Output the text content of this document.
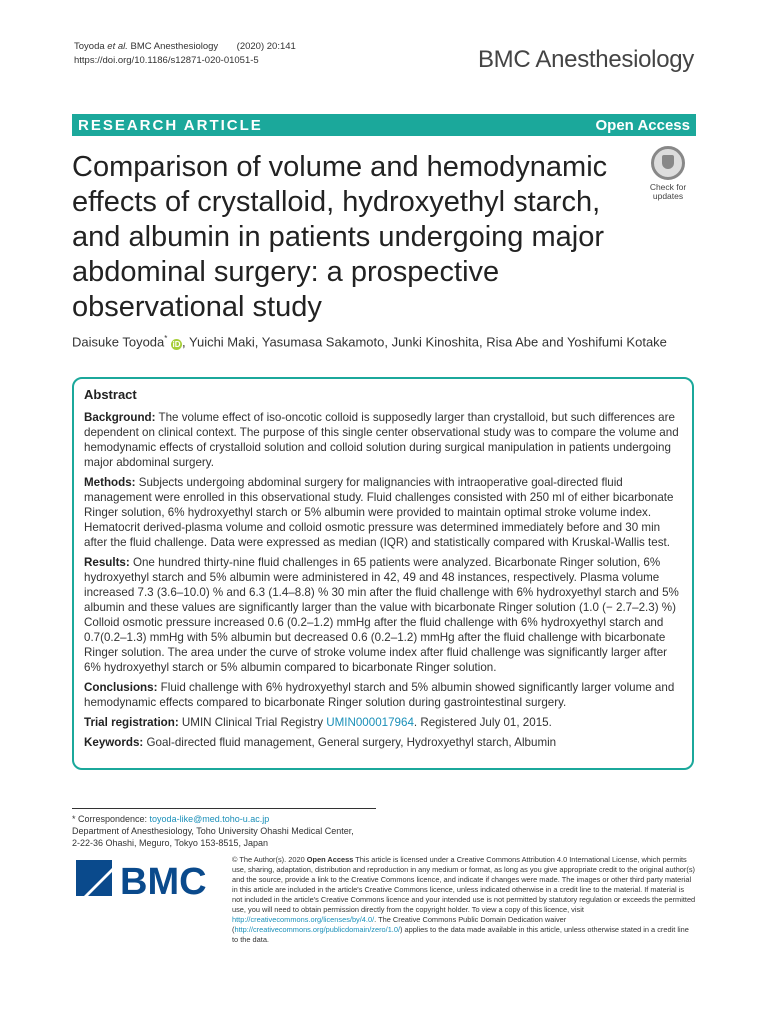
Toyoda et al. BMC Anesthesiology (2020) 20:141
https://doi.org/10.1186/s12871-020-01051-5	BMC Anesthesiology
RESEARCH ARTICLE	Open Access
Comparison of volume and hemodynamic effects of crystalloid, hydroxyethyl starch, and albumin in patients undergoing major abdominal surgery: a prospective observational study
Check for
updates
Daisuke Toyoda* iD , Yuichi Maki, Yasumasa Sakamoto, Junki Kinoshita, Risa Abe and Yoshifumi Kotake
Abstract

Background: The volume effect of iso-oncotic colloid is supposedly larger than crystalloid, but such differences are dependent on clinical context. The purpose of this single center observational study was to compare the volume and hemodynamic effects of crystalloid solution and colloid solution during surgical manipulation in patients undergoing major abdominal surgery.

Methods: Subjects undergoing abdominal surgery for malignancies with intraoperative goal-directed fluid management were enrolled in this observational study. Fluid challenges consisted with 250 ml of either bicarbonate Ringer solution, 6% hydroxyethyl starch or 5% albumin were provided to maintain optimal stroke volume index. Hematocrit derived-plasma volume and colloid osmotic pressure was determined immediately before and 30 min after the fluid challenge. Data were expressed as median (IQR) and statistically compared with Kruskal-Wallis test.

Results: One hundred thirty-nine fluid challenges in 65 patients were analyzed. Bicarbonate Ringer solution, 6% hydroxyethyl starch and 5% albumin were administered in 42, 49 and 48 instances, respectively. Plasma volume increased 7.3 (3.6–10.0) % and 6.3 (1.4–8.8) % 30 min after the fluid challenge with 6% hydroxyethyl starch and 5% albumin and these values are significantly larger than the value with bicarbonate Ringer solution (1.0 (− 2.7–2.3) %) Colloid osmotic pressure increased 0.6 (0.2–1.2) mmHg after the fluid challenge with 6% hydroxyethyl starch and 0.7(0.2–1.3) mmHg with 5% albumin but decreased 0.6 (0.2–1.2) mmHg after the fluid challenge with bicarbonate Ringer solution. The area under the curve of stroke volume index after fluid challenge was significantly larger after 6% hydroxyethyl starch or 5% albumin compared to bicarbonate Ringer solution.

Conclusions: Fluid challenge with 6% hydroxyethyl starch and 5% albumin showed significantly larger volume and hemodynamic effects compared to bicarbonate Ringer solution during gastrointestinal surgery.

Trial registration: UMIN Clinical Trial Registry UMIN000017964. Registered July 01, 2015.

Keywords: Goal-directed fluid management, General surgery, Hydroxyethyl starch, Albumin

* Correspondence: toyoda-like@med.toho-u.ac.jp
Department of Anesthesiology, Toho University Ohashi Medical Center,
2-22-36 Ohashi, Meguro, Tokyo 153-8515, Japan
BMC
© The Author(s). 2020 Open Access This article is licensed under a Creative Commons Attribution 4.0 International License, which permits use, sharing, adaptation, distribution and reproduction in any medium or format, as long as you give appropriate credit to the original author(s) and the source, provide a link to the Creative Commons licence, and indicate if changes were made. The images or other third party material in this article are included in the article's Creative Commons licence, unless indicated otherwise in a credit line to the material. If material is not included in the article's Creative Commons licence and your intended use is not permitted by statutory regulation or exceeds the permitted use, you will need to obtain permission directly from the copyright holder. To view a copy of this licence, visit http://creativecommons.org/licenses/by/4.0/. The Creative Commons Public Domain Dedication waiver (http://creativecommons.org/publicdomain/zero/1.0/) applies to the data made available in this article, unless otherwise stated in a credit line to the data.
